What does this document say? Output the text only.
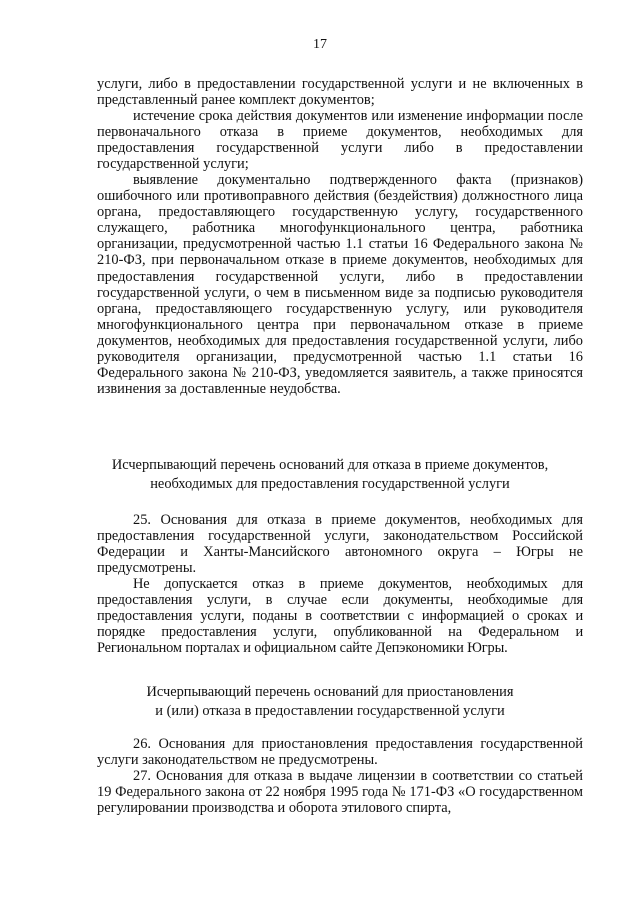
17

услуги, либо в предоставлении государственной услуги и не включенных в представленный ранее комплект документов;

истечение срока действия документов или изменение информации после первоначального отказа в приеме документов, необходимых для предоставления государственной услуги либо в предоставлении государственной услуги;

выявление документально подтвержденного факта (признаков) ошибочного или противоправного действия (бездействия) должностного лица органа, предоставляющего государственную услугу, государственного служащего, работника многофункционального центра, работника организации, предусмотренной частью 1.1 статьи 16 Федерального закона № 210-ФЗ, при первоначальном отказе в приеме документов, необходимых для предоставления государственной услуги, либо в предоставлении государственной услуги, о чем в письменном виде за подписью руководителя органа, предоставляющего государственную услугу, или руководителя многофункционального центра при первоначальном отказе в приеме документов, необходимых для предоставления государственной услуги, либо руководителя организации, предусмотренной частью 1.1 статьи 16 Федерального закона № 210-ФЗ, уведомляется заявитель, а также приносятся извинения за доставленные неудобства.

Исчерпывающий перечень оснований для отказа в приеме документов,
необходимых для предоставления государственной услуги

25. Основания для отказа в приеме документов, необходимых для предоставления государственной услуги, законодательством Российской Федерации и Ханты-Мансийского автономного округа – Югры не предусмотрены.

Не допускается отказ в приеме документов, необходимых для предоставления услуги, в случае если документы, необходимые для предоставления услуги, поданы в соответствии с информацией о сроках и порядке предоставления услуги, опубликованной на Федеральном и Региональном порталах и официальном сайте Депэкономики Югры.

Исчерпывающий перечень оснований для приостановления
и (или) отказа в предоставлении государственной услуги

26. Основания для приостановления предоставления государственной услуги законодательством не предусмотрены.

27. Основания для отказа в выдаче лицензии в соответствии со статьей 19 Федерального закона от 22 ноября 1995 года № 171-ФЗ «О государственном регулировании производства и оборота этилового спирта,
